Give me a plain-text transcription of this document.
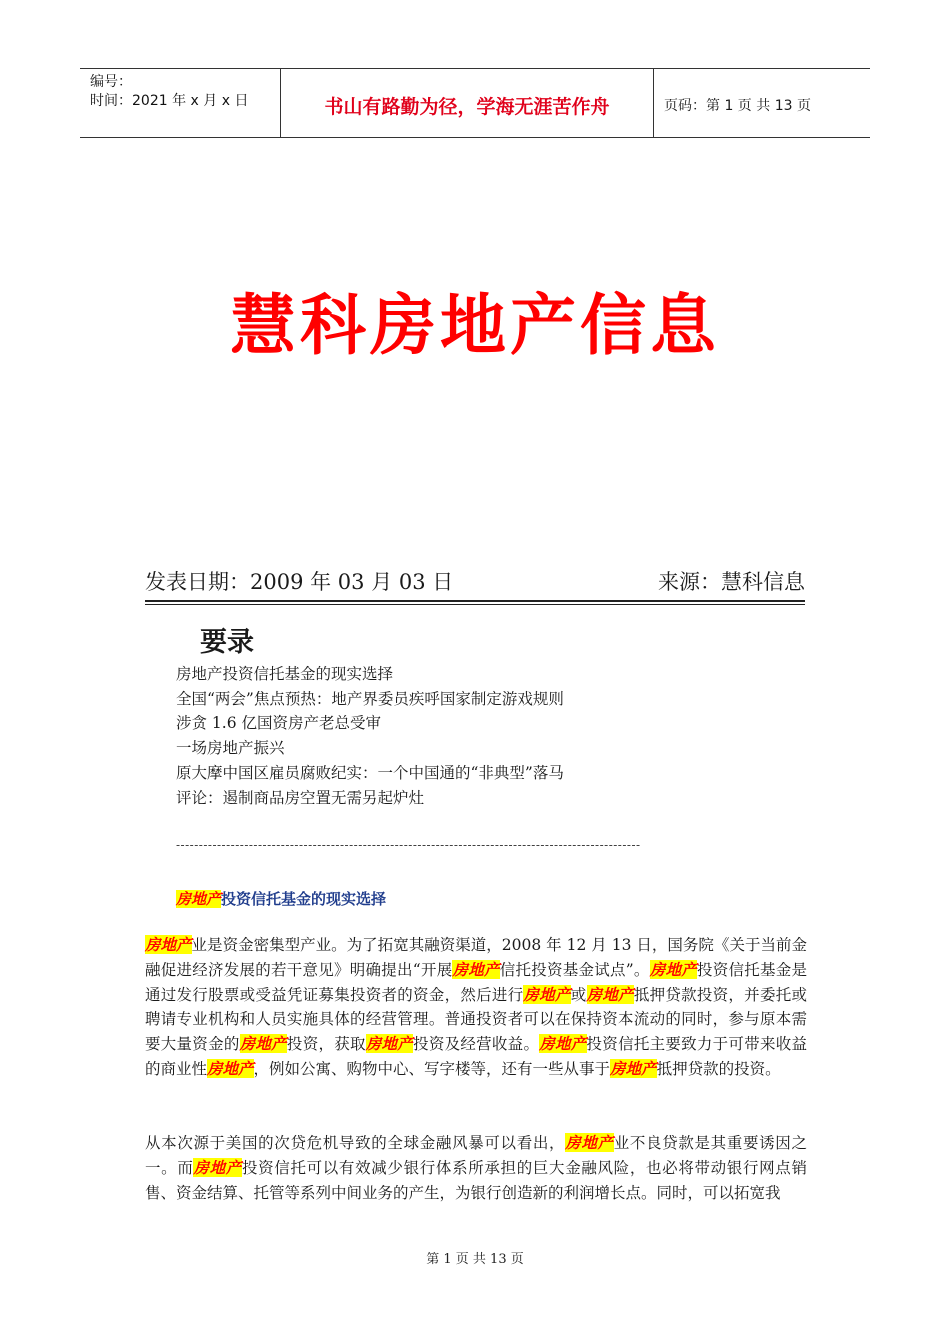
编号：
时间：2021 年 x 月 x 日	书山有路勤为径，学海无涯苦作舟	页码：第 1 页 共 13 页
慧科房地产信息
发表日期：2009 年 03 月 03 日	来源：慧科信息
要录
房地产投资信托基金的现实选择
全国“两会”焦点预热：地产界委员疾呼国家制定游戏规则
涉贪 1.6 亿国资房产老总受审
一场房地产振兴
原大摩中国区雇员腐败纪实：一个中国通的“非典型”落马
评论：遏制商品房空置无需另起炉灶
------------------------------------------------------------------------------------------------------
房地产投资信托基金的现实选择
房地产业是资金密集型产业。为了拓宽其融资渠道，2008 年 12 月 13 日，国务院《关于当前金融促进经济发展的若干意见》明确提出“开展房地产信托投资基金试点”。房地产投资信托基金是通过发行股票或受益凭证募集投资者的资金，然后进行房地产或房地产抵押贷款投资，并委托或聘请专业机构和人员实施具体的经营管理。普通投资者可以在保持资本流动的同时，参与原本需要大量资金的房地产投资，获取房地产投资及经营收益。房地产投资信托主要致力于可带来收益的商业性房地产，例如公寓、购物中心、写字楼等，还有一些从事于房地产抵押贷款的投资。
从本次源于美国的次贷危机导致的全球金融风暴可以看出，房地产业不良贷款是其重要诱因之一。而房地产投资信托可以有效减少银行体系所承担的巨大金融风险，也必将带动银行网点销售、资金结算、托管等系列中间业务的产生，为银行创造新的利润增长点。同时，可以拓宽我
第 1 页 共 13 页
